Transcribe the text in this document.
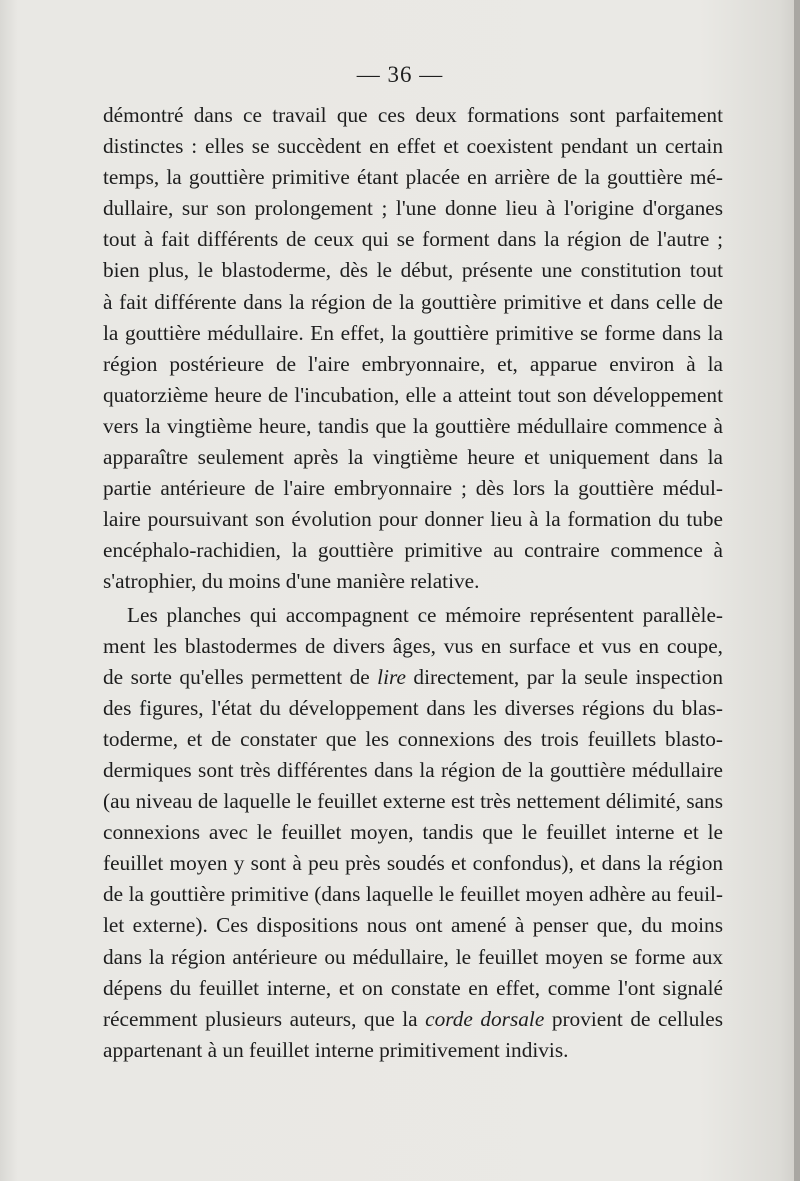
— 36 —
démontré dans ce travail que ces deux formations sont parfaitement
distinctes : elles se succèdent en effet et coexistent pendant un certain
temps, la gouttière primitive étant placée en arrière de la gouttière mé-
dullaire, sur son prolongement ; l'une donne lieu à l'origine d'organes
tout à fait différents de ceux qui se forment dans la région de l'autre ;
bien plus, le blastoderme, dès le début, présente une constitution tout
à fait différente dans la région de la gouttière primitive et dans celle de
la gouttière médullaire. En effet, la gouttière primitive se forme dans la
région postérieure de l'aire embryonnaire, et, apparue environ à la
quatorzième heure de l'incubation, elle a atteint tout son développement
vers la vingtième heure, tandis que la gouttière médullaire commence à
apparaître seulement après la vingtième heure et uniquement dans la
partie antérieure de l'aire embryonnaire ; dès lors la gouttière médul-
laire poursuivant son évolution pour donner lieu à la formation du tube
encéphalo-rachidien, la gouttière primitive au contraire commence à
s'atrophier, du moins d'une manière relative.
Les planches qui accompagnent ce mémoire représentent parallèle-
ment les blastodermes de divers âges, vus en surface et vus en coupe,
de sorte qu'elles permettent de lire directement, par la seule inspection
des figures, l'état du développement dans les diverses régions du blas-
toderme, et de constater que les connexions des trois feuillets blasto-
dermiques sont très différentes dans la région de la gouttière médullaire
(au niveau de laquelle le feuillet externe est très nettement délimité, sans
connexions avec le feuillet moyen, tandis que le feuillet interne et le
feuillet moyen y sont à peu près soudés et confondus), et dans la région
de la gouttière primitive (dans laquelle le feuillet moyen adhère au feuil-
let externe). Ces dispositions nous ont amené à penser que, du moins
dans la région antérieure ou médullaire, le feuillet moyen se forme aux
dépens du feuillet interne, et on constate en effet, comme l'ont signalé
récemment plusieurs auteurs, que la corde dorsale provient de cellules
appartenant à un feuillet interne primitivement indivis.
